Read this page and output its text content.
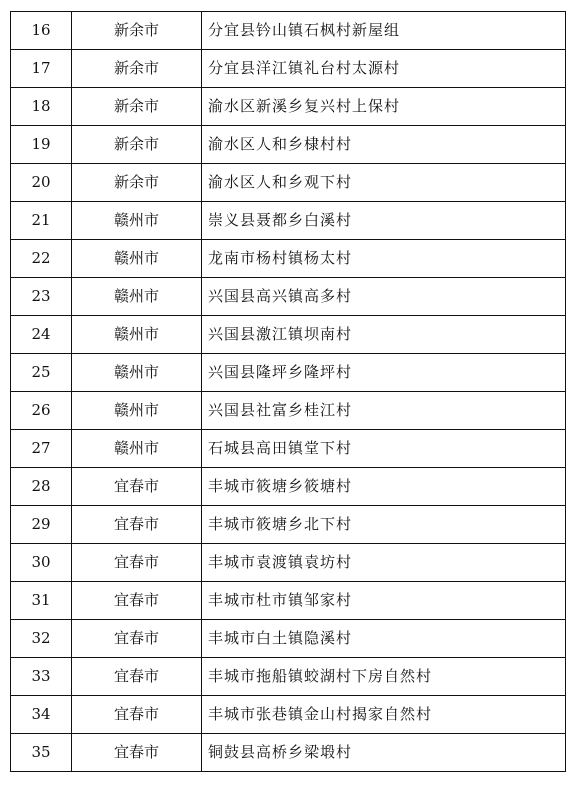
16	新余市	分宜县钤山镇石枫村新屋组
17	新余市	分宜县洋江镇礼台村太源村
18	新余市	渝水区新溪乡复兴村上保村
19	新余市	渝水区人和乡棣村村
20	新余市	渝水区人和乡观下村
21	赣州市	崇义县聂都乡白溪村
22	赣州市	龙南市杨村镇杨太村
23	赣州市	兴国县高兴镇高多村
24	赣州市	兴国县激江镇坝南村
25	赣州市	兴国县隆坪乡隆坪村
26	赣州市	兴国县社富乡桂江村
27	赣州市	石城县高田镇堂下村
28	宜春市	丰城市筱塘乡筱塘村
29	宜春市	丰城市筱塘乡北下村
30	宜春市	丰城市袁渡镇袁坊村
31	宜春市	丰城市杜市镇邹家村
32	宜春市	丰城市白土镇隐溪村
33	宜春市	丰城市拖船镇蛟湖村下房自然村
34	宜春市	丰城市张巷镇金山村揭家自然村
35	宜春市	铜鼓县高桥乡梁塅村
